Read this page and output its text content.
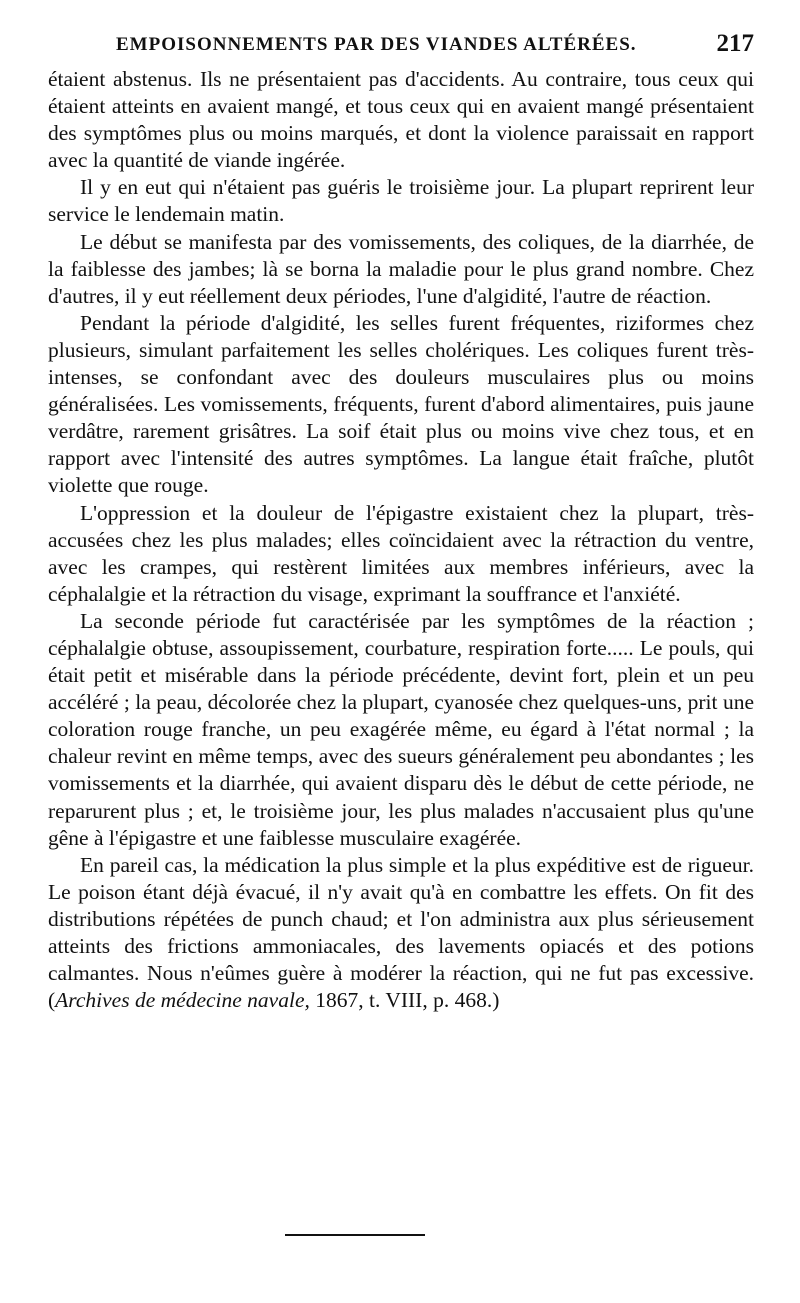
EMPOISONNEMENTS PAR DES VIANDES ALTÉRÉES.	217

étaient abstenus. Ils ne présentaient pas d'accidents. Au contraire, tous ceux qui étaient atteints en avaient mangé, et tous ceux qui en avaient mangé présentaient des symptômes plus ou moins marqués, et dont la violence paraissait en rapport avec la quantité de viande ingérée.

Il y en eut qui n'étaient pas guéris le troisième jour. La plupart reprirent leur service le lendemain matin.

Le début se manifesta par des vomissements, des coliques, de la diarrhée, de la faiblesse des jambes; là se borna la maladie pour le plus grand nombre. Chez d'autres, il y eut réellement deux périodes, l'une d'algidité, l'autre de réaction.

Pendant la période d'algidité, les selles furent fréquentes, riziformes chez plusieurs, simulant parfaitement les selles cholériques. Les coliques furent très-intenses, se confondant avec des douleurs musculaires plus ou moins généralisées. Les vomissements, fréquents, furent d'abord alimentaires, puis jaune verdâtre, rarement grisâtres. La soif était plus ou moins vive chez tous, et en rapport avec l'intensité des autres symptômes. La langue était fraîche, plutôt violette que rouge.

L'oppression et la douleur de l'épigastre existaient chez la plupart, très-accusées chez les plus malades; elles coïncidaient avec la rétraction du ventre, avec les crampes, qui restèrent limitées aux membres inférieurs, avec la céphalalgie et la rétraction du visage, exprimant la souffrance et l'anxiété.

La seconde période fut caractérisée par les symptômes de la réaction ; céphalalgie obtuse, assoupissement, courbature, respiration forte..... Le pouls, qui était petit et misérable dans la période précédente, devint fort, plein et un peu accéléré ; la peau, décolorée chez la plupart, cyanosée chez quelques-uns, prit une coloration rouge franche, un peu exagérée même, eu égard à l'état normal ; la chaleur revint en même temps, avec des sueurs généralement peu abondantes ; les vomissements et la diarrhée, qui avaient disparu dès le début de cette période, ne reparurent plus ; et, le troisième jour, les plus malades n'accusaient plus qu'une gêne à l'épigastre et une faiblesse musculaire exagérée.

En pareil cas, la médication la plus simple et la plus expéditive est de rigueur. Le poison étant déjà évacué, il n'y avait qu'à en combattre les effets. On fit des distributions répétées de punch chaud; et l'on administra aux plus sérieusement atteints des frictions ammoniacales, des lavements opiacés et des potions calmantes. Nous n'eûmes guère à modérer la réaction, qui ne fut pas excessive. (Archives de médecine navale, 1867, t. VIII, p. 468.)
